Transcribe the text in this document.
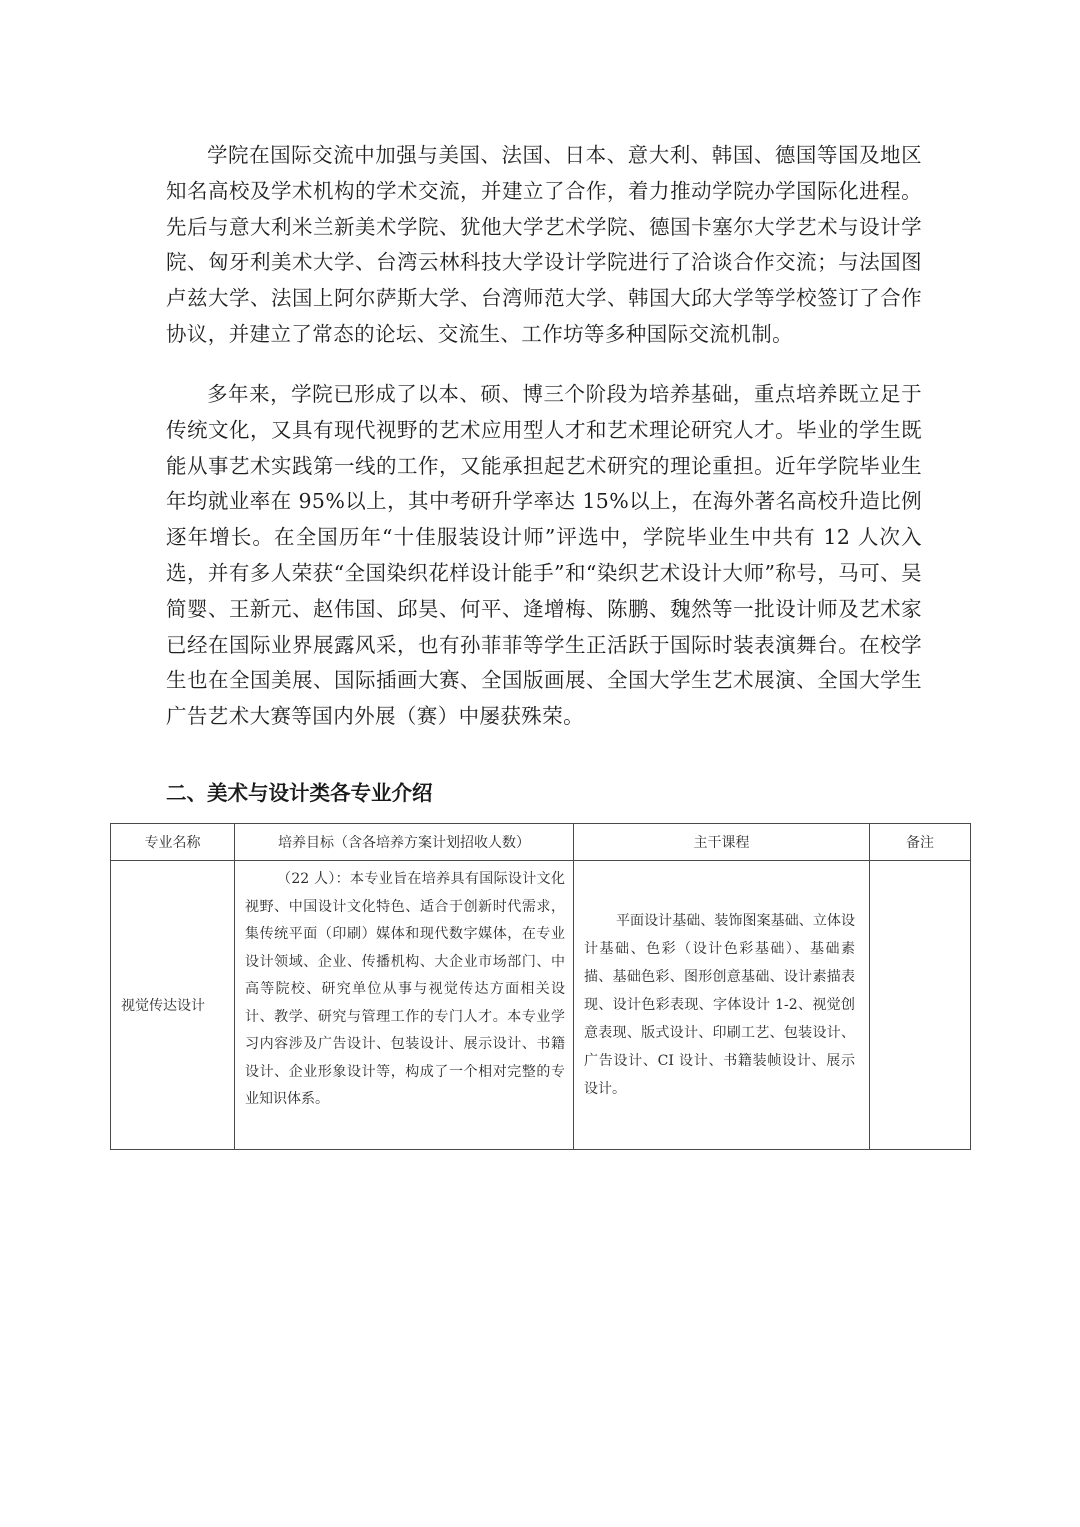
学院在国际交流中加强与美国、法国、日本、意大利、韩国、德国等国及地区知名高校及学术机构的学术交流，并建立了合作，着力推动学院办学国际化进程。先后与意大利米兰新美术学院、犹他大学艺术学院、德国卡塞尔大学艺术与设计学院、匈牙利美术大学、台湾云林科技大学设计学院进行了洽谈合作交流；与法国图卢兹大学、法国上阿尔萨斯大学、台湾师范大学、韩国大邱大学等学校签订了合作协议，并建立了常态的论坛、交流生、工作坊等多种国际交流机制。

多年来，学院已形成了以本、硕、博三个阶段为培养基础，重点培养既立足于传统文化，又具有现代视野的艺术应用型人才和艺术理论研究人才。毕业的学生既能从事艺术实践第一线的工作，又能承担起艺术研究的理论重担。近年学院毕业生年均就业率在 95%以上，其中考研升学率达 15%以上，在海外著名高校升造比例逐年增长。在全国历年“十佳服装设计师”评选中，学院毕业生中共有 12 人次入选，并有多人荣获“全国染织花样设计能手”和“染织艺术设计大师”称号，马可、吴简婴、王新元、赵伟国、邱昊、何平、逄增梅、陈鹏、魏然等一批设计师及艺术家已经在国际业界展露风采，也有孙菲菲等学生正活跃于国际时装表演舞台。在校学生也在全国美展、国际插画大赛、全国版画展、全国大学生艺术展演、全国大学生广告艺术大赛等国内外展（赛）中屡获殊荣。

二、美术与设计类各专业介绍
专业名称	培养目标（含各培养方案计划招收人数）	主干课程	备注
视觉传达设计	（22 人）：本专业旨在培养具有国际设计文化视野、中国设计文化特色、适合于创新时代需求，集传统平面（印刷）媒体和现代数字媒体，在专业设计领域、企业、传播机构、大企业市场部门、中高等院校、研究单位从事与视觉传达方面相关设计、教学、研究与管理工作的专门人才。本专业学习内容涉及广告设计、包装设计、展示设计、书籍设计、企业形象设计等，构成了一个相对完整的专业知识体系。	平面设计基础、装饰图案基础、立体设计基础、色彩（设计色彩基础）、基础素描、基础色彩、图形创意基础、设计素描表现、设计色彩表现、字体设计 1-2、视觉创意表现、版式设计、印刷工艺、包装设计、广告设计、CI 设计、书籍装帧设计、展示设计。	
